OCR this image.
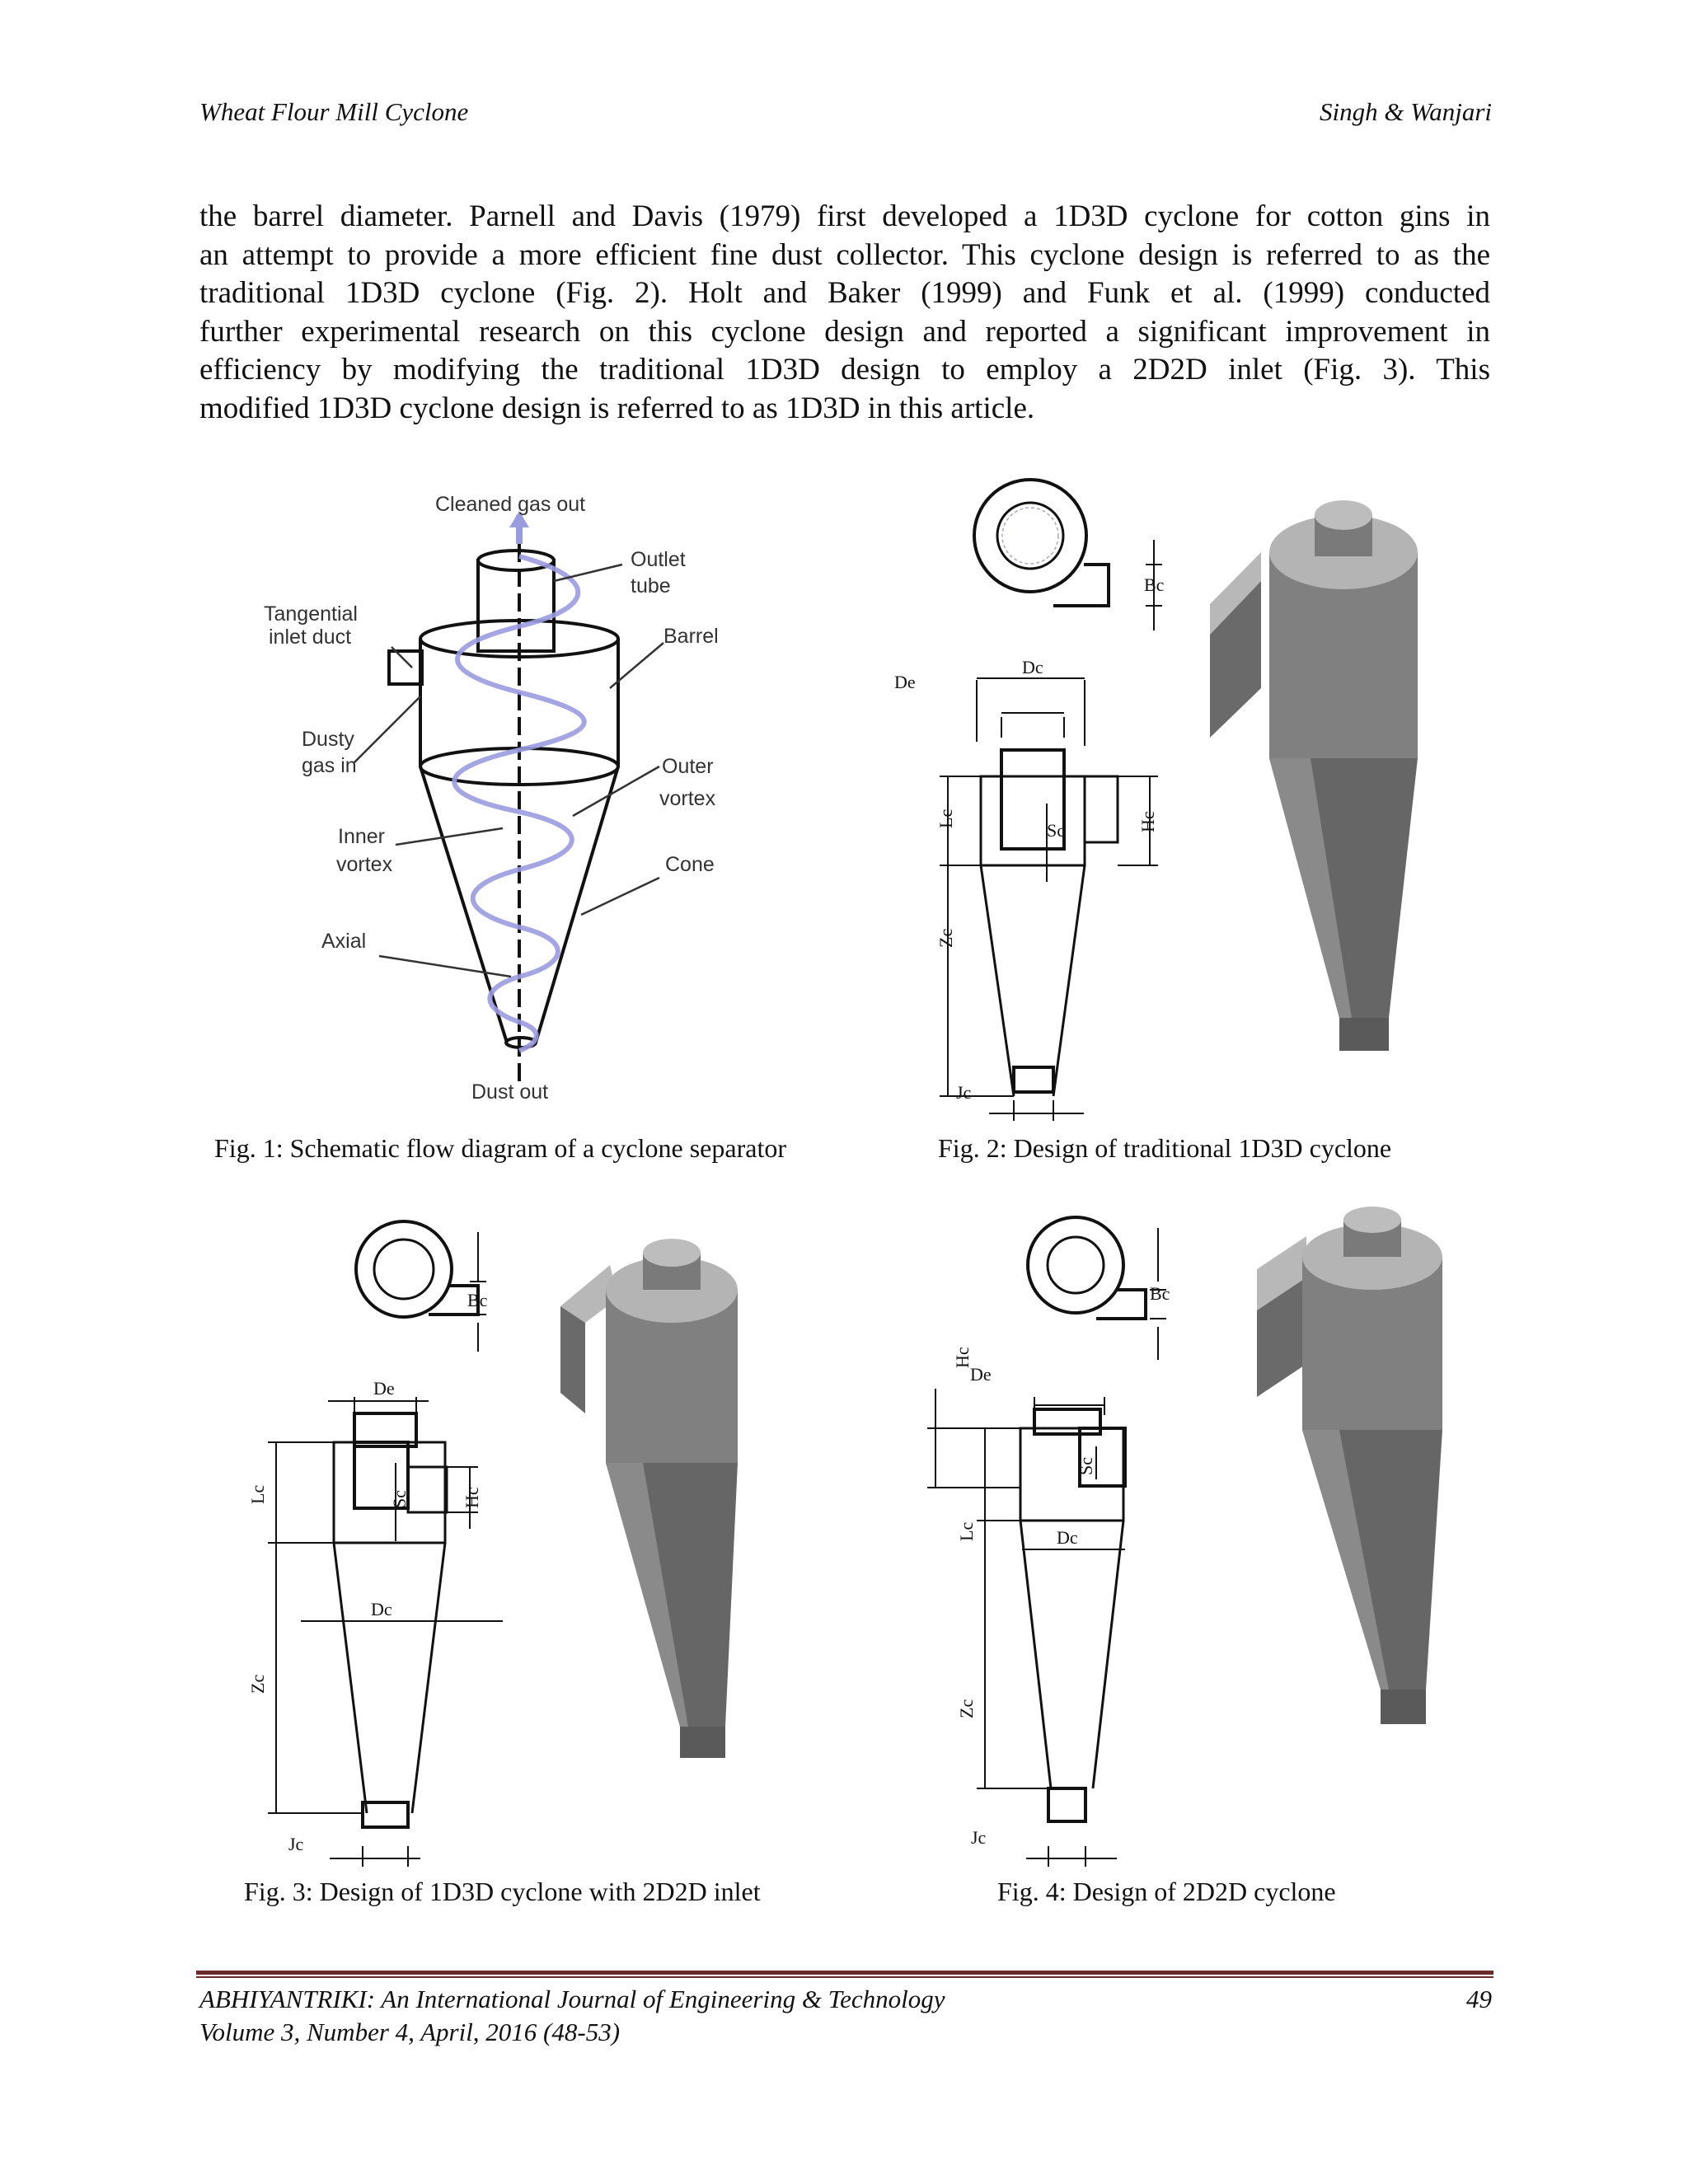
Wheat Flour Mill Cyclone	Singh & Wanjari
the barrel diameter. Parnell and Davis (1979) first developed a 1D3D cyclone for cotton gins in
an attempt to provide a more efficient fine dust collector. This cyclone design is referred to as the
traditional 1D3D cyclone (Fig. 2). Holt and Baker (1999) and Funk et al. (1999) conducted
further experimental research on this cyclone design and reported a significant improvement in
efficiency by modifying the traditional 1D3D design to employ a 2D2D inlet (Fig. 3). This
modified 1D3D cyclone design is referred to as 1D3D in this article.
Cleaned gas out
Outlet
tube
Tangential
inlet duct	Barrel
Dusty
gas in	Outer
vortex
Inner
vortex	Cone
Axial
Dust out
Bc
De
Dc
Lc
Sc	Hc
Zc
Jc
Fig. 1: Schematic flow diagram of a cyclone separator	Fig. 2: Design of traditional 1D3D cyclone
Bc
De
Lc	Sc	Hc
Dc
Zc
Jc
Bc
Hc
De
Sc
Lc	Dc
Zc
Jc
Fig. 3: Design of 1D3D cyclone with 2D2D inlet	Fig. 4: Design of 2D2D cyclone
ABHIYANTRIKI: An International Journal of Engineering & Technology	49
Volume 3, Number 4, April, 2016 (48-53)
